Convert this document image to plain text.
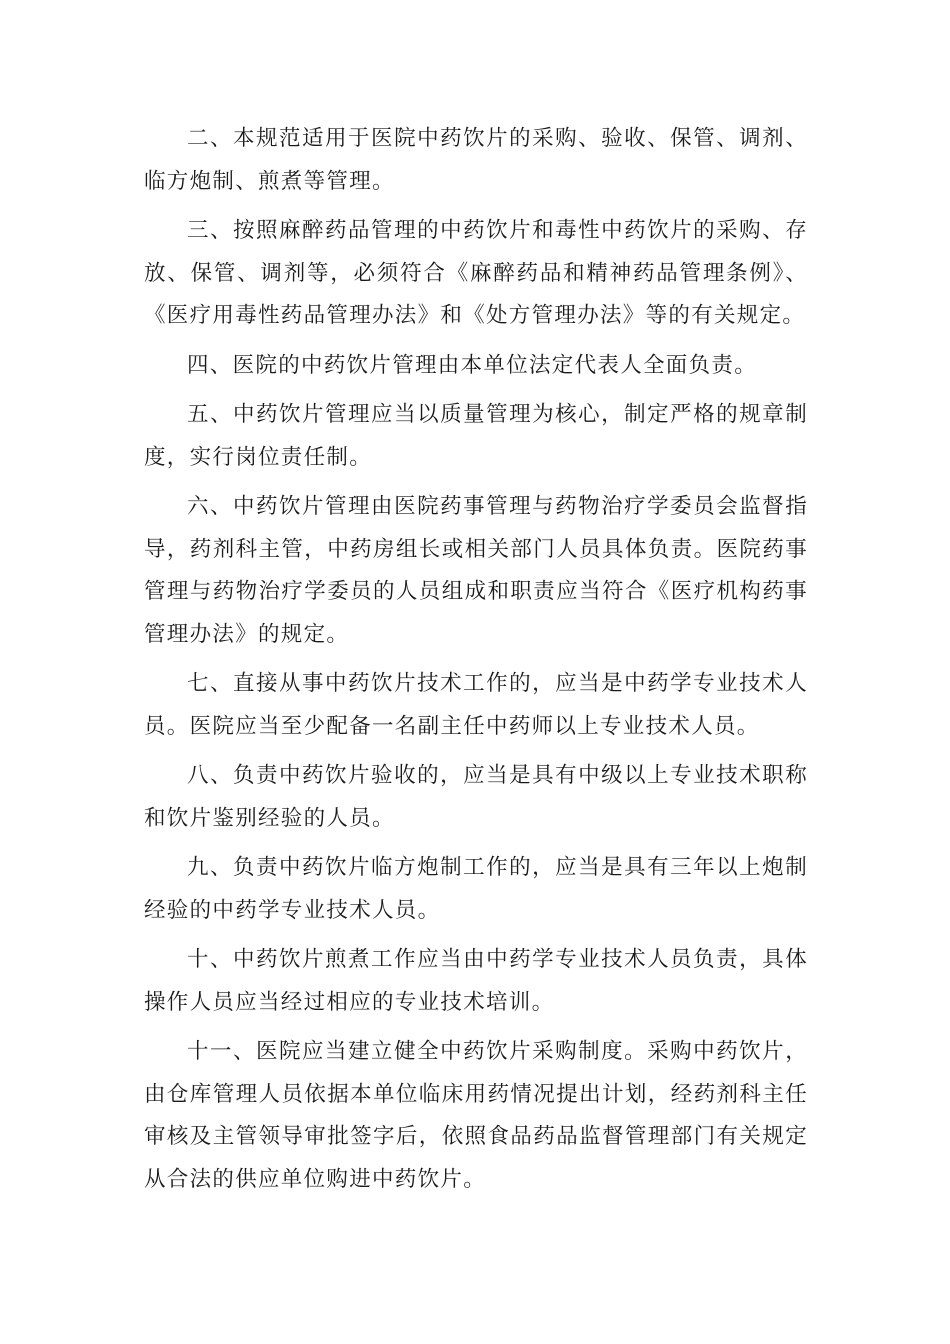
二、本规范适用于医院中药饮片的采购、验收、保管、调剂、临方炮制、煎煮等管理。

三、按照麻醉药品管理的中药饮片和毒性中药饮片的采购、存放、保管、调剂等，必须符合《麻醉药品和精神药品管理条例》、《医疗用毒性药品管理办法》和《处方管理办法》等的有关规定。

四、医院的中药饮片管理由本单位法定代表人全面负责。

五、中药饮片管理应当以质量管理为核心，制定严格的规章制度，实行岗位责任制。

六、中药饮片管理由医院药事管理与药物治疗学委员会监督指导，药剂科主管，中药房组长或相关部门人员具体负责。医院药事管理与药物治疗学委员的人员组成和职责应当符合《医疗机构药事管理办法》的规定。

七、直接从事中药饮片技术工作的，应当是中药学专业技术人员。医院应当至少配备一名副主任中药师以上专业技术人员。

八、负责中药饮片验收的，应当是具有中级以上专业技术职称和饮片鉴别经验的人员。

九、负责中药饮片临方炮制工作的，应当是具有三年以上炮制经验的中药学专业技术人员。

十、中药饮片煎煮工作应当由中药学专业技术人员负责，具体操作人员应当经过相应的专业技术培训。

十一、医院应当建立健全中药饮片采购制度。采购中药饮片，由仓库管理人员依据本单位临床用药情况提出计划，经药剂科主任审核及主管领导审批签字后，依照食品药品监督管理部门有关规定从合法的供应单位购进中药饮片。
